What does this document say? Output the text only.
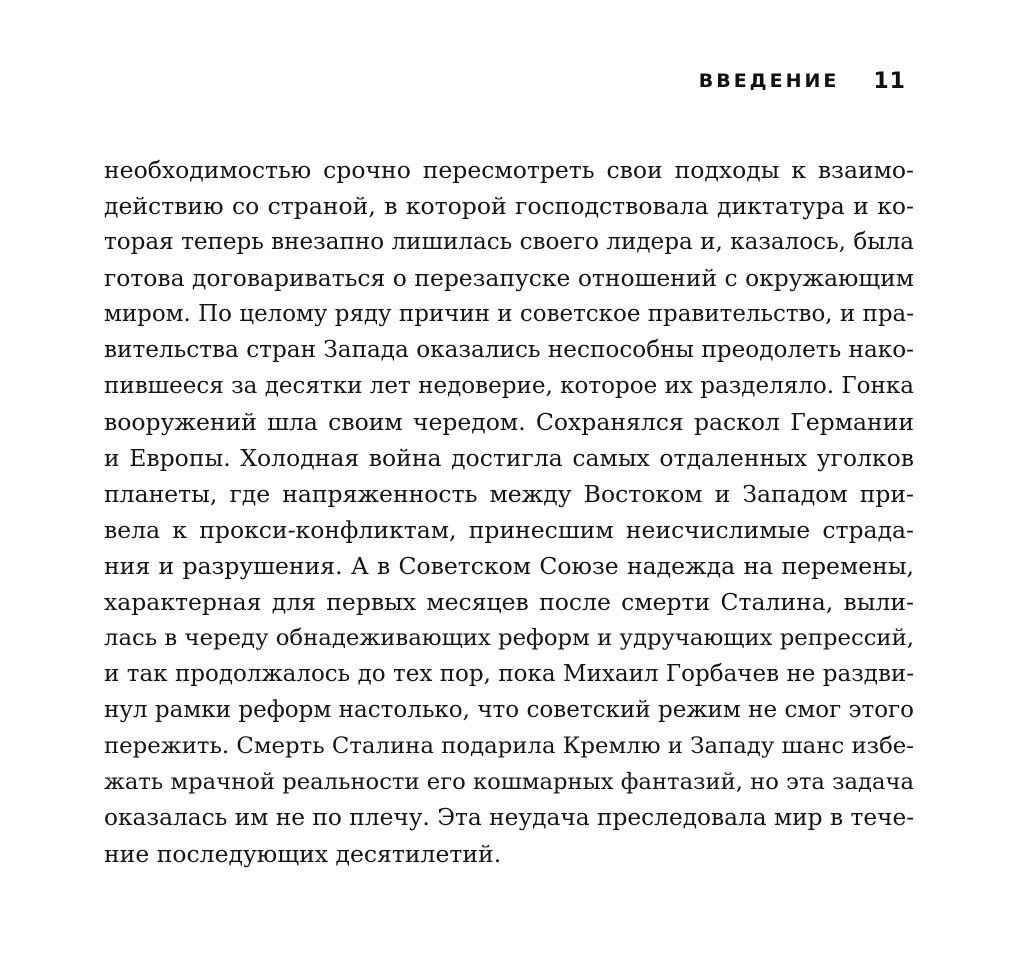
ВВЕДЕНИЕ 11

необходимостью срочно пересмотреть свои подходы к взаимо-
действию со страной, в которой господствовала диктатура и ко-
торая теперь внезапно лишилась своего лидера и, казалось, была
готова договариваться о перезапуске отношений с окружающим
миром. По целому ряду причин и советское правительство, и пра-
вительства стран Запада оказались неспособны преодолеть нако-
пившееся за десятки лет недоверие, которое их разделяло. Гонка
вооружений шла своим чередом. Сохранялся раскол Германии
и Европы. Холодная война достигла самых отдаленных уголков
планеты, где напряженность между Востоком и Западом при-
вела к прокси-конфликтам, принесшим неисчислимые страда-
ния и разрушения. А в Советском Союзе надежда на перемены,
характерная для первых месяцев после смерти Сталина, выли-
лась в череду обнадеживающих реформ и удручающих репрессий,
и так продолжалось до тех пор, пока Михаил Горбачев не раздви-
нул рамки реформ настолько, что советский режим не смог этого
пережить. Смерть Сталина подарила Кремлю и Западу шанс избе-
жать мрачной реальности его кошмарных фантазий, но эта задача
оказалась им не по плечу. Эта неудача преследовала мир в тече-
ние последующих десятилетий.
